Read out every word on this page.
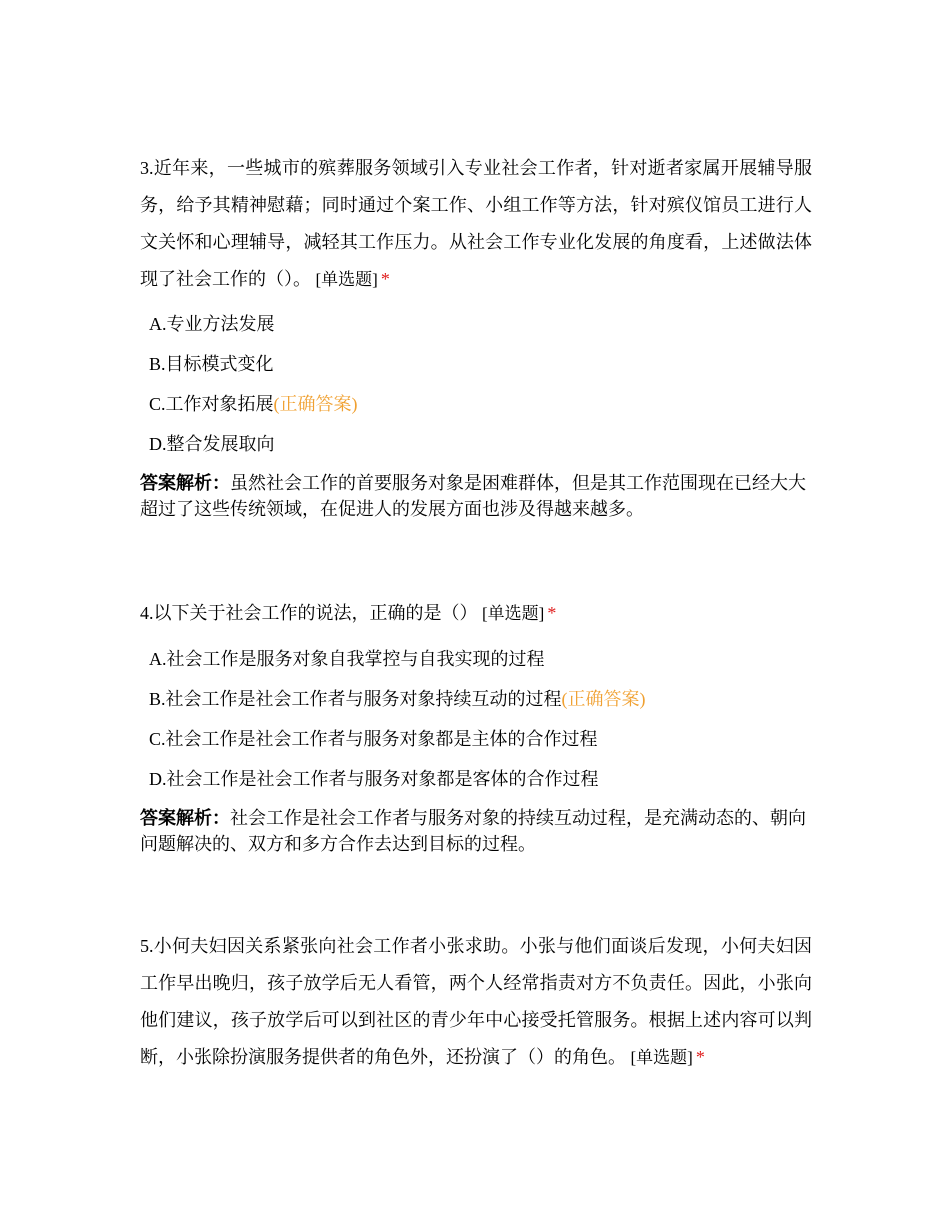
3.近年来，一些城市的殡葬服务领域引入专业社会工作者，针对逝者家属开展辅导服务，给予其精神慰藉；同时通过个案工作、小组工作等方法，针对殡仪馆员工进行人文关怀和心理辅导，减轻其工作压力。从社会工作专业化发展的角度看，上述做法体现了社会工作的（）。 [单选题] *

A.专业方法发展
B.目标模式变化
C.工作对象拓展(正确答案)
D.整合发展取向

答案解析：虽然社会工作的首要服务对象是困难群体，但是其工作范围现在已经大大超过了这些传统领域，在促进人的发展方面也涉及得越来越多。

4.以下关于社会工作的说法，正确的是（） [单选题] *

A.社会工作是服务对象自我掌控与自我实现的过程
B.社会工作是社会工作者与服务对象持续互动的过程(正确答案)
C.社会工作是社会工作者与服务对象都是主体的合作过程
D.社会工作是社会工作者与服务对象都是客体的合作过程

答案解析：社会工作是社会工作者与服务对象的持续互动过程，是充满动态的、朝向问题解决的、双方和多方合作去达到目标的过程。

5.小何夫妇因关系紧张向社会工作者小张求助。小张与他们面谈后发现，小何夫妇因工作早出晚归，孩子放学后无人看管，两个人经常指责对方不负责任。因此，小张向他们建议，孩子放学后可以到社区的青少年中心接受托管服务。根据上述内容可以判断，小张除扮演服务提供者的角色外，还扮演了（）的角色。 [单选题] *
